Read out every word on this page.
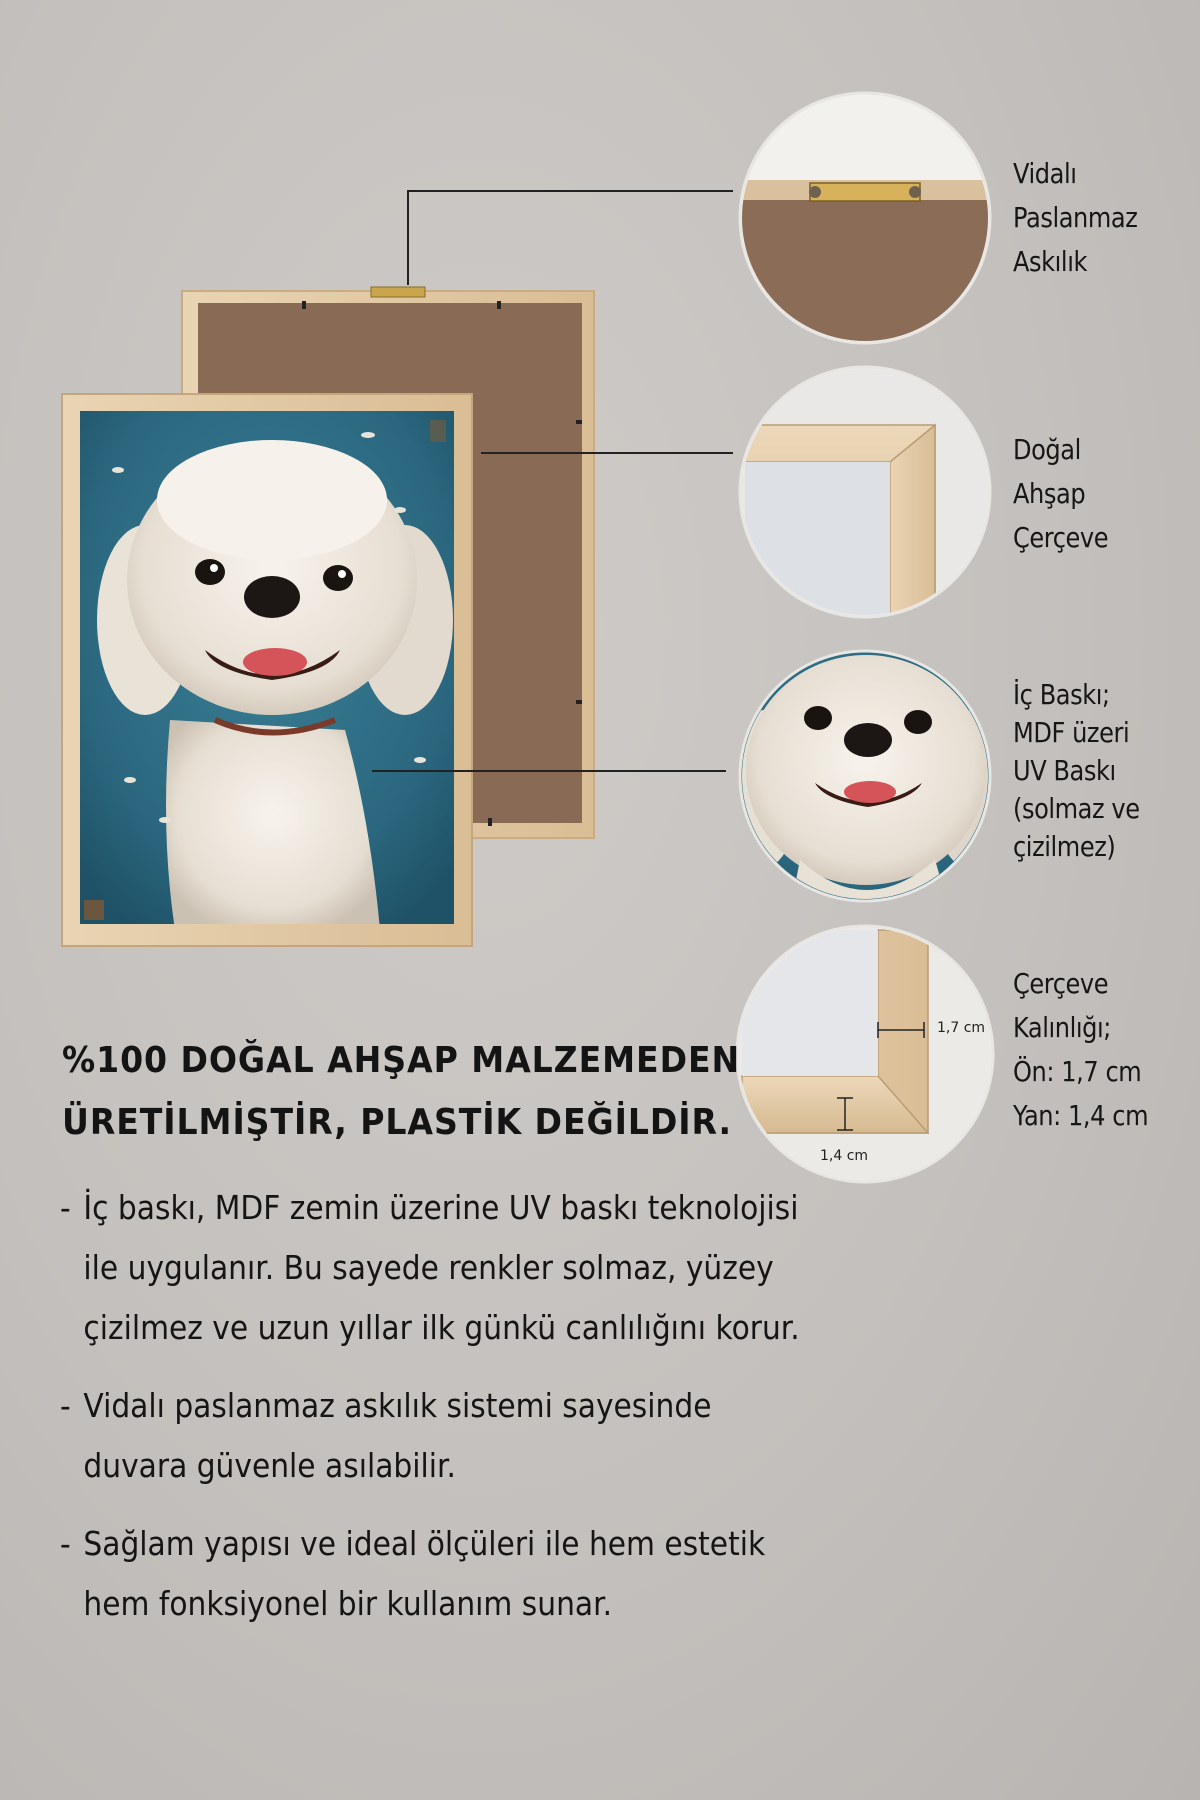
1,7 cm
1,4 cm
Vidalı
Paslanmaz
Askılık
Doğal
Ahşap
Çerçeve
İç Baskı;
MDF üzeri
UV Baskı
(solmaz ve
çizilmez)
Çerçeve
Kalınlığı;
Ön: 1,7 cm
Yan: 1,4 cm
%100 DOĞAL AHŞAP MALZEMEDEN
ÜRETİLMİŞTİR, PLASTİK DEĞİLDİR.
- İç baskı, MDF zemin üzerine UV baskı teknolojisi ile uygulanır. Bu sayede renkler solmaz, yüzey çizilmez ve uzun yıllar ilk günkü canlılığını korur.
- Vidalı paslanmaz askılık sistemi sayesinde duvara güvenle asılabilir.
- Sağlam yapısı ve ideal ölçüleri ile hem estetik hem fonksiyonel bir kullanım sunar.
